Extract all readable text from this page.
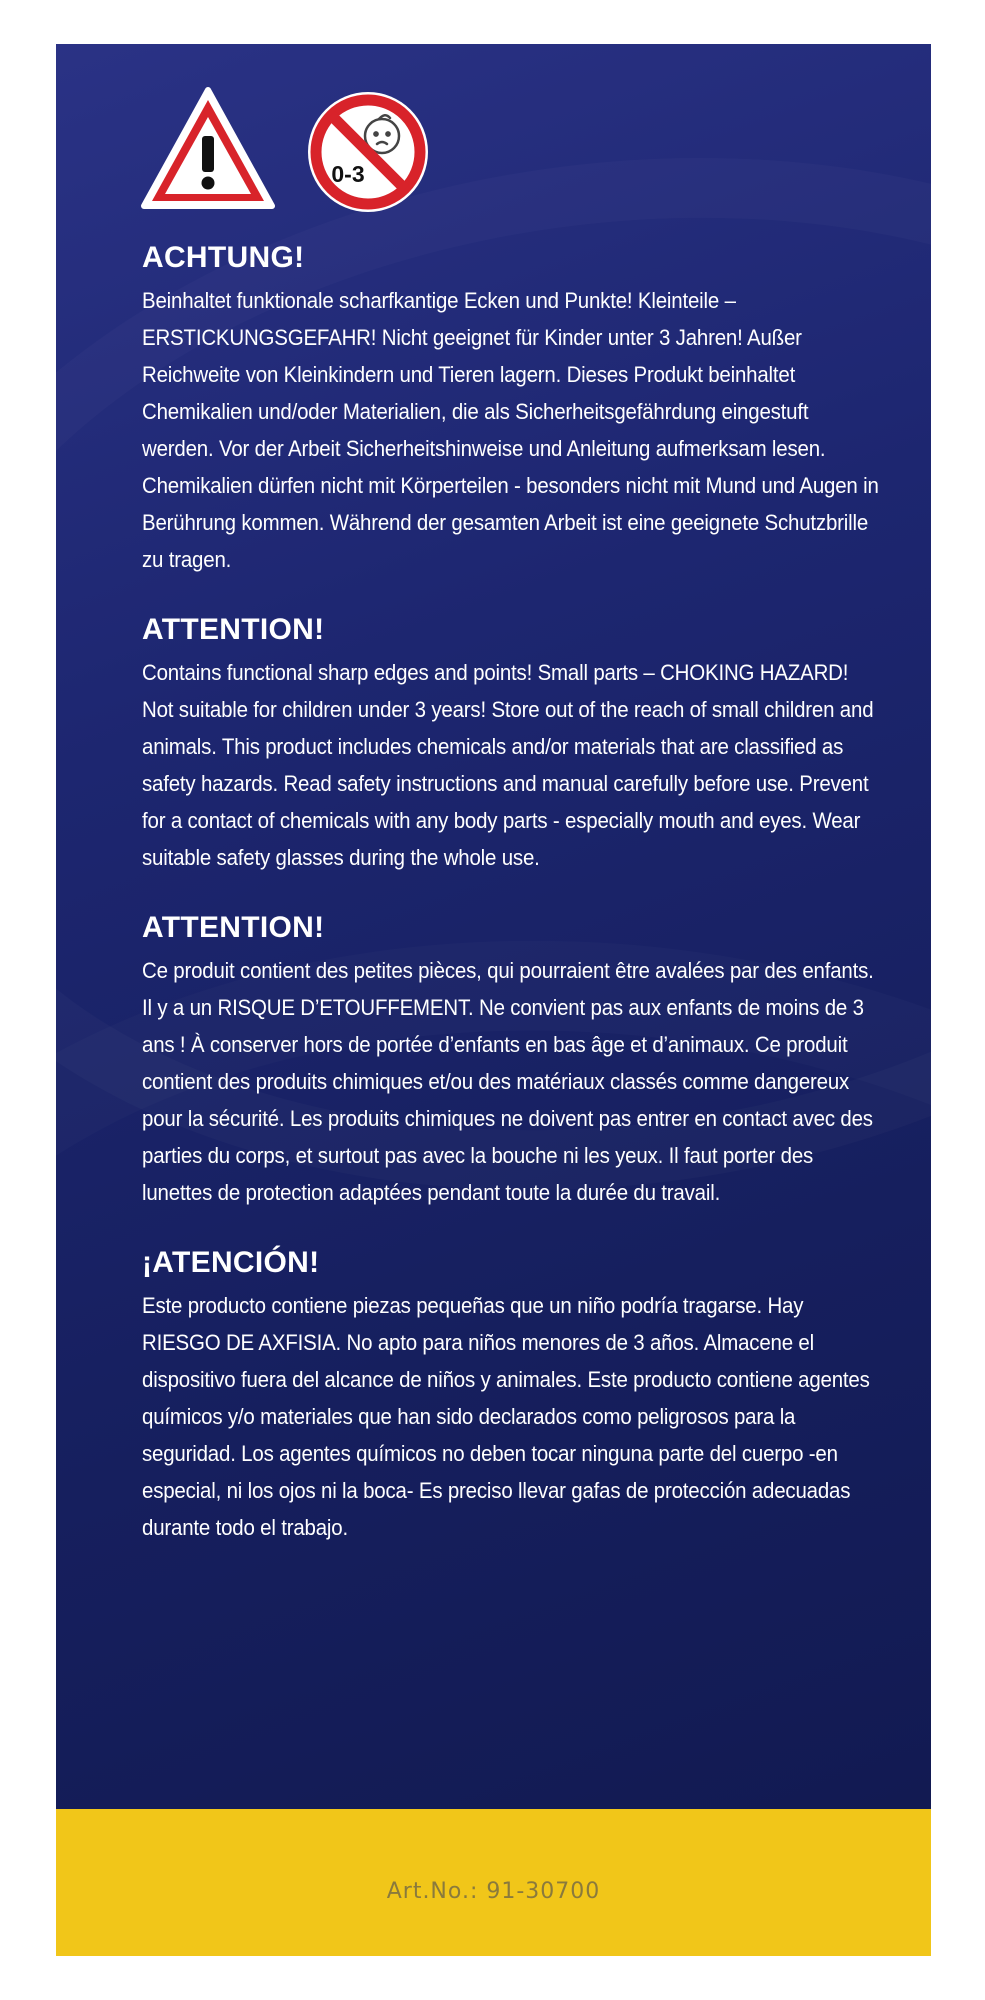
0-3
ACHTUNG!

Beinhaltet funktionale scharfkantige Ecken und Punkte! Kleinteile – ERSTICKUNGSGEFAHR! Nicht geeignet für Kinder unter 3 Jahren! Außer Reichweite von Kleinkindern und Tieren lagern. Dieses Produkt beinhaltet Chemikalien und/oder Materialien, die als Sicherheitsgefährdung eingestuft werden. Vor der Arbeit Sicherheitshinweise und Anleitung aufmerksam lesen. Chemikalien dürfen nicht mit Körperteilen - besonders nicht mit Mund und Augen in Berührung kommen. Während der gesamten Arbeit ist eine geeignete Schutzbrille zu tragen.

ATTENTION!

Contains functional sharp edges and points! Small parts – CHOKING HAZARD! Not suitable for children under 3 years! Store out of the reach of small children and animals. This product includes chemicals and/or materials that are classified as safety hazards. Read safety instructions and manual carefully before use. Prevent for a contact of chemicals with any body parts - especially mouth and eyes. Wear suitable safety glasses during the whole use.

ATTENTION!

Ce produit contient des petites pièces, qui pourraient être avalées par des enfants. Il y a un RISQUE D’ETOUFFEMENT. Ne convient pas aux enfants de moins de 3 ans ! À conserver hors de portée d’enfants en bas âge et d’animaux. Ce produit contient des produits chimiques et/ou des matériaux classés comme dangereux pour la sécurité. Les produits chimiques ne doivent pas entrer en contact avec des parties du corps, et surtout pas avec la bouche ni les yeux. Il faut porter des lunettes de protection adaptées pendant toute la durée du travail.

¡ATENCIÓN!

Este producto contiene piezas pequeñas que un niño podría tragarse. Hay RIESGO DE AXFISIA. No apto para niños menores de 3 años. Almacene el dispositivo fuera del alcance de niños y animales. Este producto contiene agentes químicos y/o materiales que han sido declarados como peligrosos para la seguridad. Los agentes químicos no deben tocar ninguna parte del cuerpo -en especial, ni los ojos ni la boca- Es preciso llevar gafas de protección adecuadas durante todo el trabajo.

Art.No.: 91-30700
